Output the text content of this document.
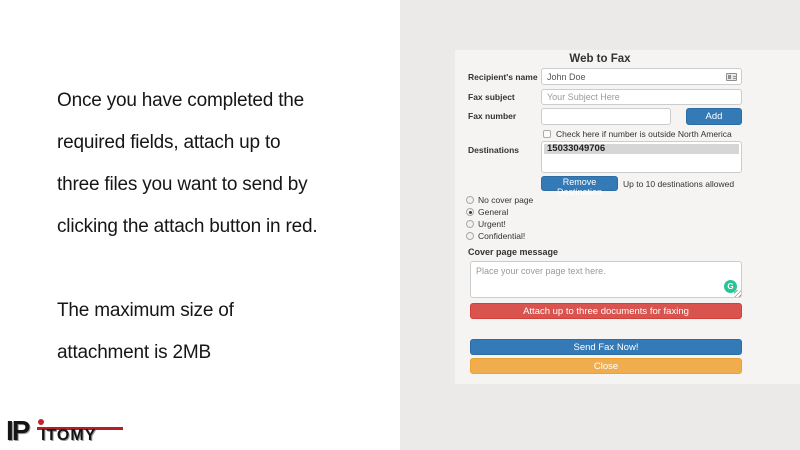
Once you have completed the
required fields, attach up to
three files you want to send by
clicking the attach button in red.
The maximum size of
attachment is 2MB
IP ITOMY
Web to Fax
Recipient's name
John Doe
Fax subject
Your Subject Here
Fax number	Add
Check here if number is outside North America
Destinations	15033049706
Remove Destination
Up to 10 destinations allowed
No cover page
General
Urgent!
Confidential!
Cover page message
Place your cover page text here.
G
Attach up to three documents for faxing
Send Fax Now!
Close
